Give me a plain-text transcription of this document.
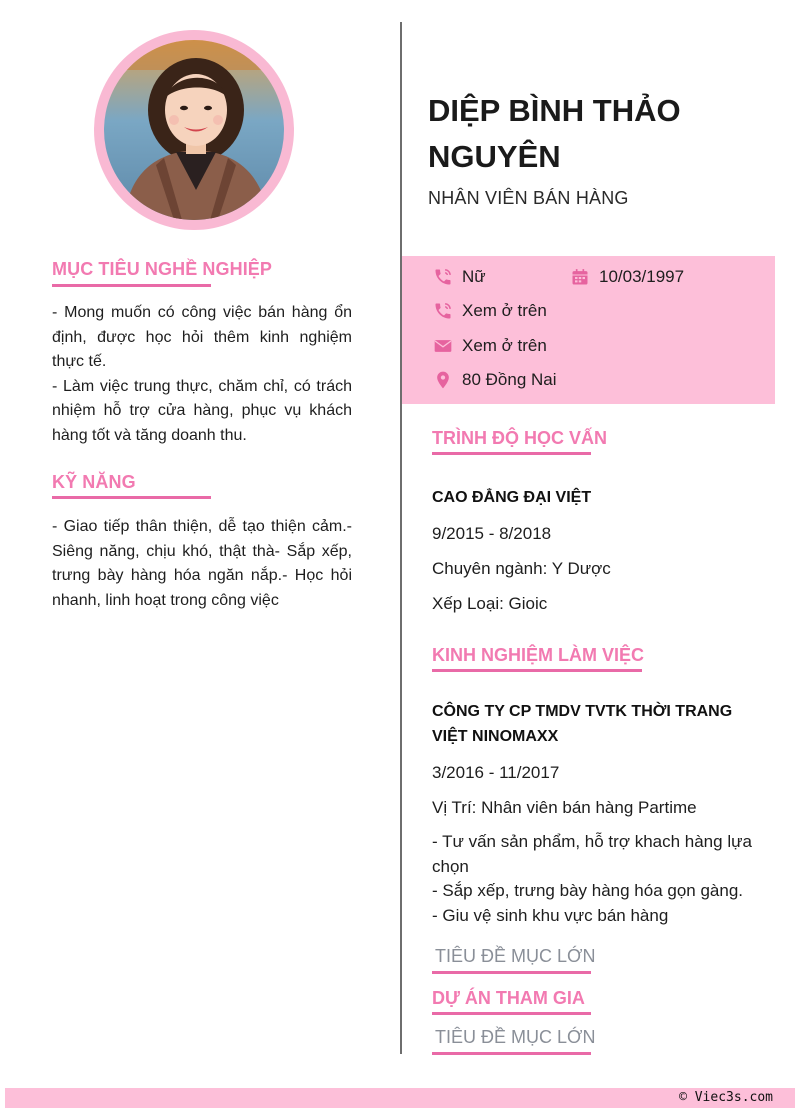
MỤC TIÊU NGHỀ NGHIỆP

- Mong muốn có công việc bán hàng ổn định, được học hỏi thêm kinh nghiệm thực tế.

- Làm việc trung thực, chăm chỉ, có trách nhiệm hỗ trợ cửa hàng, phục vụ khách hàng tốt và tăng doanh thu.

KỸ NĂNG
- Giao tiếp thân thiện, dễ tạo thiện cảm.- Siêng năng, chịu khó, thật thà- Sắp xếp, trưng bày hàng hóa ngăn nắp.- Học hỏi nhanh, linh hoạt trong công việc
DIỆP BÌNH THẢO NGUYÊN
NHÂN VIÊN BÁN HÀNG
Nữ	10/03/1997
Xem ở trên
Xem ở trên
80 Đồng Nai
TRÌNH ĐỘ HỌC VẤN
CAO ĐẲNG ĐẠI VIỆT
9/2015 - 8/2018
Chuyên ngành: Y Dược
Xếp Loại: Gioic
KINH NGHIỆM LÀM VIỆC
CÔNG TY CP TMDV TVTK THỜI TRANG VIỆT NINOMAXX
3/2016 - 11/2017
Vị Trí: Nhân viên bán hàng Partime

- Tư vấn sản phẩm, hỗ trợ khach hàng lựa chọn

- Sắp xếp, trưng bày hàng hóa gọn gàng.

- Giu vệ sinh khu vực bán hàng

TIÊU ĐỀ MỤC LỚN
DỰ ÁN THAM GIA
TIÊU ĐỀ MỤC LỚN
© Viec3s.com
